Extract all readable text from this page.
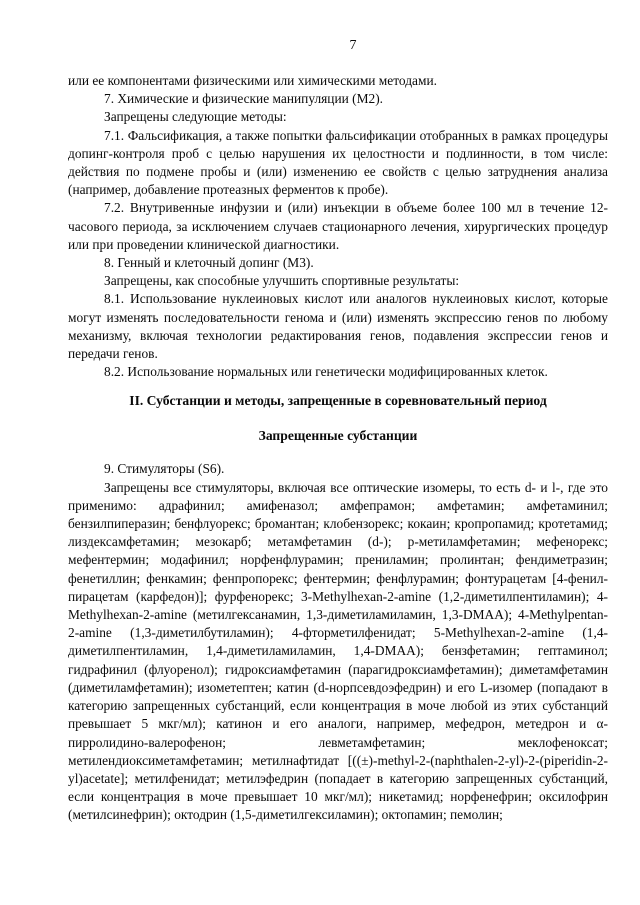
7

или ее компонентами физическими или химическими методами.

7. Химические и физические манипуляции (M2).

Запрещены следующие методы:

7.1. Фальсификация, а также попытки фальсификации отобранных в рамках процедуры допинг-контроля проб с целью нарушения их целостности и подлинности, в том числе: действия по подмене пробы и (или) изменению ее свойств с целью затруднения анализа (например, добавление протеазных ферментов к пробе).

7.2. Внутривенные инфузии и (или) инъекции в объеме более 100 мл в течение 12-часового периода, за исключением случаев стационарного лечения, хирургических процедур или при проведении клинической диагностики.

8. Генный и клеточный допинг (M3).

Запрещены, как способные улучшить спортивные результаты:

8.1. Использование нуклеиновых кислот или аналогов нуклеиновых кислот, которые могут изменять последовательности генома и (или) изменять экспрессию генов по любому механизму, включая технологии редактирования генов, подавления экспрессии генов и передачи генов.

8.2. Использование нормальных или генетически модифицированных клеток.

II. Субстанции и методы, запрещенные в соревновательный период

Запрещенные субстанции

9. Стимуляторы (S6).

Запрещены все стимуляторы, включая все оптические изомеры, то есть d- и l-, где это применимо: адрафинил; амифеназол; амфепрамон; амфетамин; амфетаминил; бензилпиперазин; бенфлуорекс; бромантан; клобензорекс; кокаин; кропропамид; кротетамид; лиздексамфетамин; мезокарб; метамфетамин (d-); p-метиламфетамин; мефенорекс; мефентермин; модафинил; норфенфлурамин; прениламин; пролинтан; фендиметразин; фенетиллин; фенкамин; фенпропорекс; фентермин; фенфлурамин; фонтурацетам [4-фенил-пирацетам (карфедон)]; фурфенорекс; 3-Methylhexan-2-amine (1,2-диметилпентиламин); 4-Methylhexan-2-amine (метилгексанамин, 1,3-диметиламиламин, 1,3-DMAA); 4-Methylpentan-2-amine (1,3-диметилбутиламин); 4-фторметилфенидат; 5-Methylhexan-2-amine (1,4-диметилпентиламин, 1,4-диметиламиламин, 1,4-DMAA); бензфетамин; гептаминол; гидрафинил (флуоренол); гидроксиамфетамин (парагидроксиамфетамин); диметамфетамин (диметиламфетамин); изометептен; катин (d-норпсевдоэфедрин) и его L-изомер (попадают в категорию запрещенных субстанций, если концентрация в моче любой из этих субстанций превышает 5 мкг/мл); катинон и его аналоги, например, мефедрон, метедрон и α-пирролидино-валерофенон; левметамфетамин; меклофеноксат; метилендиоксиметамфетамин; метилнафтидат [((±)-methyl-2-(naphthalen-2-yl)-2-(piperidin-2-yl)acetate]; метилфенидат; метилэфедрин (попадает в категорию запрещенных субстанций, если концентрация в моче превышает 10 мкг/мл); никетамид; норфенефрин; оксилофрин (метилсинефрин); октодрин (1,5-диметилгексиламин); октопамин; пемолин;
